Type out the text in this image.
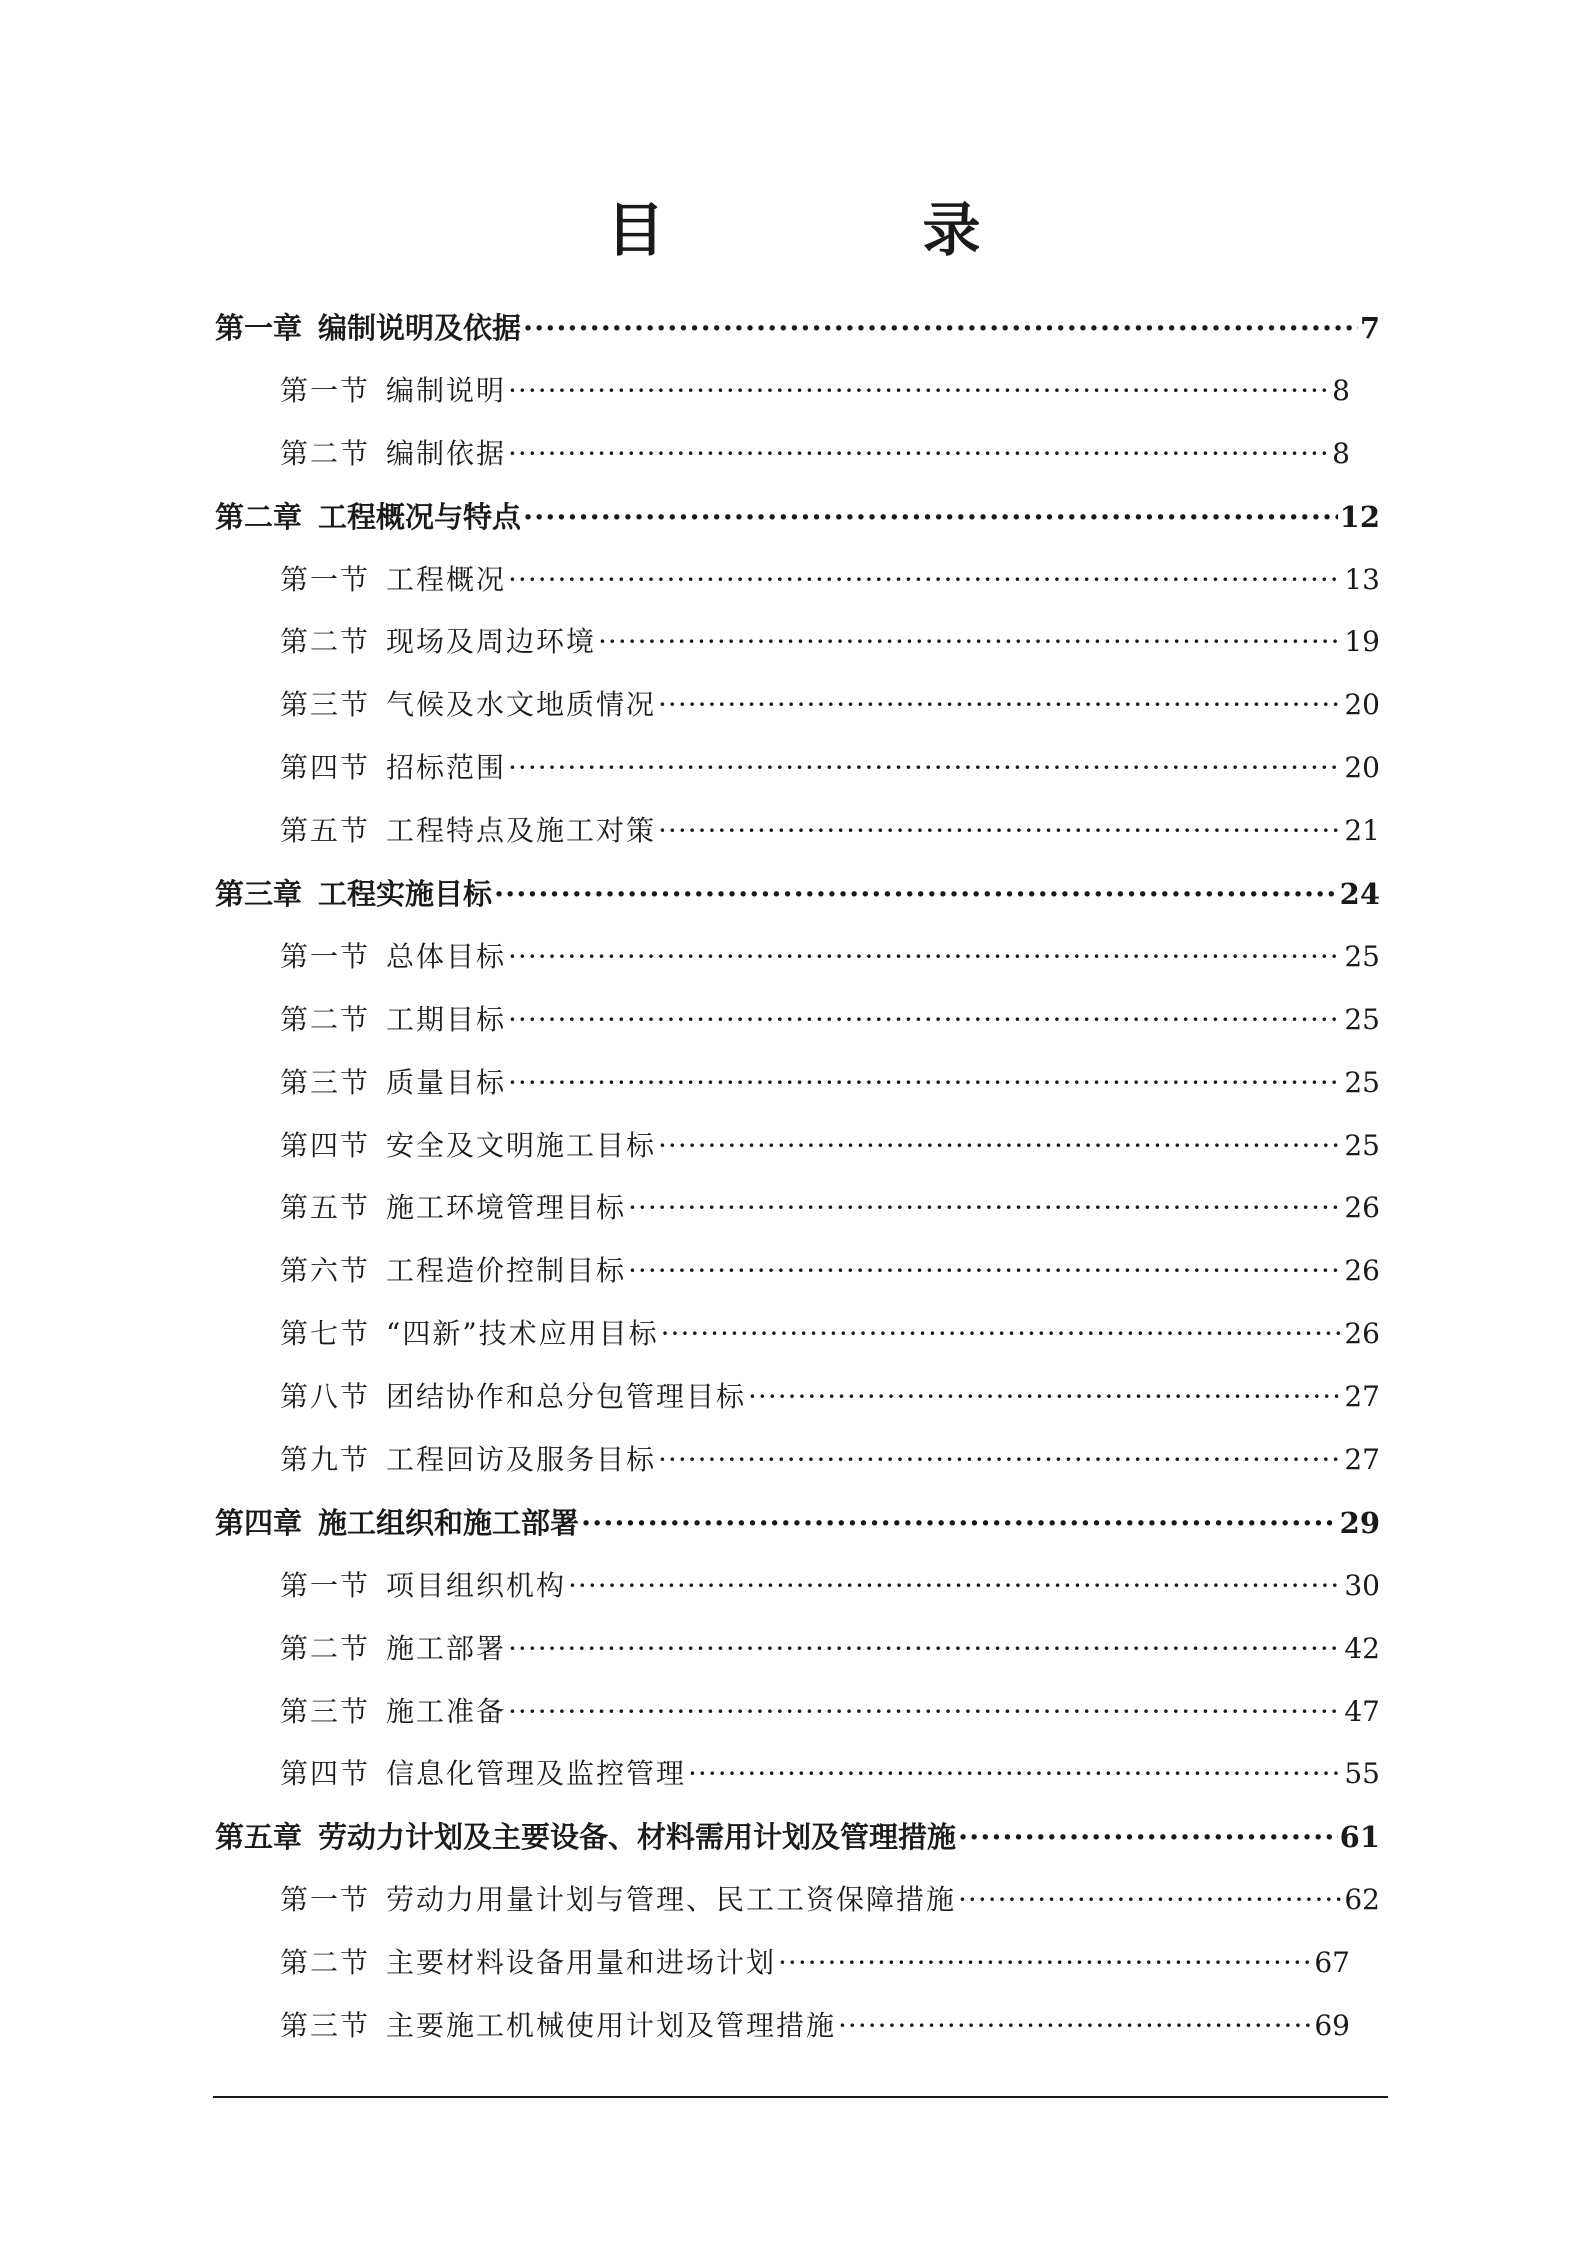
目　录
第一章 编制说明及依据 ·····	7
第一节 编制说明 ·····	8
第二节 编制依据 ·····	8
第二章 工程概况与特点 ·····	12
第一节 工程概况 ·····	13
第二节 现场及周边环境 ·····	19
第三节 气候及水文地质情况 ·····	20
第四节 招标范围 ·····	20
第五节 工程特点及施工对策 ·····	21
第三章 工程实施目标 ·····	24
第一节 总体目标 ·····	25
第二节 工期目标 ·····	25
第三节 质量目标 ·····	25
第四节 安全及文明施工目标 ·····	25
第五节 施工环境管理目标 ·····	26
第六节 工程造价控制目标 ·····	26
第七节 “四新”技术应用目标 ·····	26
第八节 团结协作和总分包管理目标 ·····	27
第九节 工程回访及服务目标 ·····	27
第四章 施工组织和施工部署 ·····	29
第一节 项目组织机构 ·····	30
第二节 施工部署 ·····	42
第三节 施工准备 ·····	47
第四节 信息化管理及监控管理 ·····	55
第五章 劳动力计划及主要设备、材料需用计划及管理措施 ·····	61
第一节 劳动力用量计划与管理、民工工资保障措施 ·····	62
第二节 主要材料设备用量和进场计划 ·····	67
第三节 主要施工机械使用计划及管理措施 ·····	69
